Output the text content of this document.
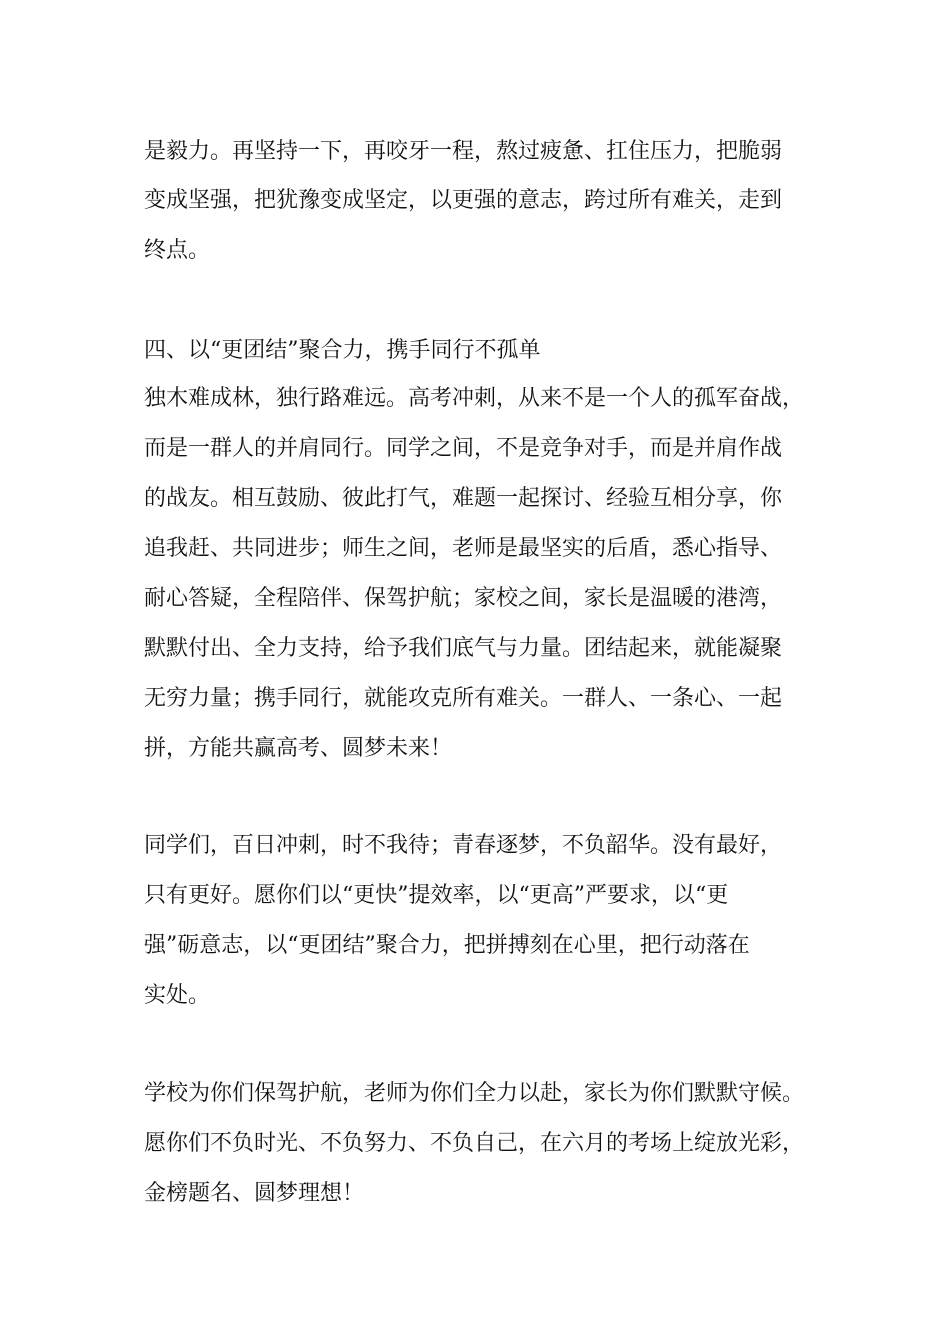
是毅力。再坚持一下，再咬牙一程，熬过疲惫、扛住压力，把脆弱

变成坚强，把犹豫变成坚定，以更强的意志，跨过所有难关，走到

终点。

四、以“更团结”聚合力，携手同行不孤单

独木难成林，独行路难远。高考冲刺，从来不是一个人的孤军奋战，

而是一群人的并肩同行。同学之间，不是竞争对手，而是并肩作战

的战友。相互鼓励、彼此打气，难题一起探讨、经验互相分享，你

追我赶、共同进步；师生之间，老师是最坚实的后盾，悉心指导、

耐心答疑，全程陪伴、保驾护航；家校之间，家长是温暖的港湾，

默默付出、全力支持，给予我们底气与力量。团结起来，就能凝聚

无穷力量；携手同行，就能攻克所有难关。一群人、一条心、一起

拼，方能共赢高考、圆梦未来！

同学们，百日冲刺，时不我待；青春逐梦，不负韶华。没有最好，

只有更好。愿你们以“更快”提效率，以“更高”严要求，以“更

强”砺意志，以“更团结”聚合力，把拼搏刻在心里，把行动落在

实处。

学校为你们保驾护航，老师为你们全力以赴，家长为你们默默守候。

愿你们不负时光、不负努力、不负自己，在六月的考场上绽放光彩，

金榜题名、圆梦理想！
